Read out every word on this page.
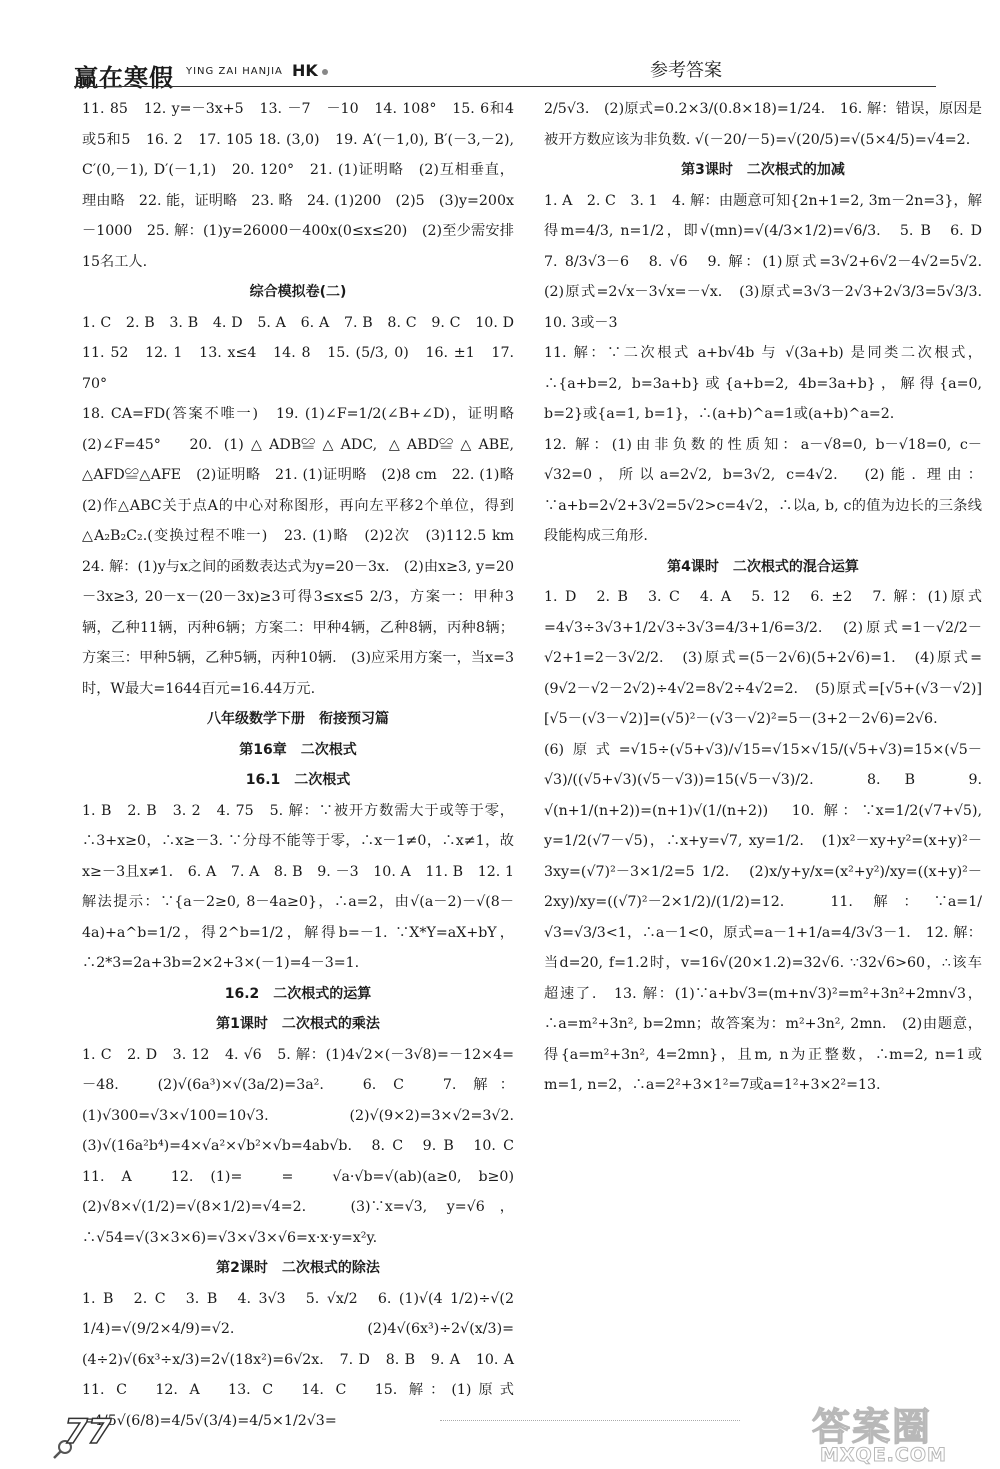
赢在寒假 YING ZAI HANJIA HK	参考答案

11. 85　12. y=－3x+5　13. －7　－10　14. 108°　15. 6和4或5和5　16. 2　17. 105 18. (3,0)　19. A′(－1,0), B′(－3,－2), C′(0,－1), D′(－1,1)　20. 120°　21. (1)证明略　(2)互相垂直，理由略　22. 能，证明略　23. 略　24. (1)200　(2)5　(3)y=200x－1000　25. 解：(1)y=26000－400x(0≤x≤20)　(2)至少需安排15名工人.

综合模拟卷(二)

1. C　2. B　3. B　4. D　5. A　6. A　7. B　8. C　9. C　10. D　11. 52　12. 1　13. x≤4　14. 8　15. (5/3, 0)　16. ±1　17. 70°

18. CA=FD(答案不唯一)　19. (1)∠F=1/2(∠B+∠D)，证明略　(2)∠F=45°　20. (1)△ADB≌△ADC, △ABD≌△ABE, △AFD≌△AFE　(2)证明略　21. (1)证明略　(2)8 cm　22. (1)略　(2)作△ABC关于点A的中心对称图形，再向左平移2个单位，得到△A₂B₂C₂.(变换过程不唯一)　23. (1)略　(2)2次　(3)112.5 km　24. 解：(1)y与x之间的函数表达式为y=20－3x.　(2)由x≥3, y=20－3x≥3, 20－x－(20－3x)≥3可得3≤x≤5 2/3，方案一：甲种3辆，乙种11辆，丙种6辆；方案二：甲种4辆，乙种8辆，丙种8辆；方案三：甲种5辆，乙种5辆，丙种10辆.　(3)应采用方案一，当x=3时，W最大=1644百元=16.44万元.

八年级数学下册　衔接预习篇
第16章　二次根式
16.1　二次根式

1. B　2. B　3. 2　4. 75　5. 解：∵被开方数需大于或等于零，∴3+x≥0，∴x≥－3. ∵分母不能等于零，∴x－1≠0，∴x≠1，故x≥－3且x≠1.　6. A　7. A　8. B　9. －3　10. A　11. B　12. 1　解法提示：∵{a－2≥0, 8－4a≥0}，∴a=2，由√(a－2)－√(8－4a)+a^b=1/2，得2^b=1/2，解得b=－1. ∵X*Y=aX+bY，∴2*3=2a+3b=2×2+3×(－1)=4－3=1.

16.2　二次根式的运算
第1课时　二次根式的乘法

1. C　2. D　3. 12　4. √6　5. 解：(1)4√2×(－3√8)=－12×4=－48.　(2)√(6a³)×√(3a/2)=3a².　6. C　7. 解：(1)√300=√3×√100=10√3.　(2)√(9×2)=3×√2=3√2.　(3)√(16a²b⁴)=4×√a²×√b²×√b=4ab√b.　8. C　9. B　10. C　11. A　12. (1)=　=　√a·√b=√(ab)(a≥0, b≥0)　(2)√8×√(1/2)=√(8×1/2)=√4=2.　(3)∵x=√3, y=√6，∴√54=√(3×3×6)=√3×√3×√6=x·x·y=x²y.

第2课时　二次根式的除法

1. B　2. C　3. B　4. 3√3　5. √x/2　6. (1)√(4 1/2)÷√(2 1/4)=√(9/2×4/9)=√2.　(2)4√(6x³)÷2√(x/3)=(4÷2)√(6x³÷x/3)=2√(18x²)=6√2x.　7. D　8. B　9. A　10. A　11. C　12. A　13. C　14. C　15. 解：(1)原式=4/5√(6/8)=4/5√(3/4)=4/5×1/2√3=

2/5√3.　(2)原式=0.2×3/(0.8×18)=1/24.　16. 解：错误，原因是被开方数应该为非负数. √(－20/－5)=√(20/5)=√(5×4/5)=√4=2.

第3课时　二次根式的加减

1. A　2. C　3. 1　4. 解：由题意可知{2n+1=2, 3m－2n=3}，解得m=4/3, n=1/2，即√(mn)=√(4/3×1/2)=√6/3.　5. B　6. D　7. 8/3√3－6　8. √6　9. 解：(1)原式=3√2+6√2－4√2=5√2.　(2)原式=2√x－3√x=－√x.　(3)原式=3√3－2√3+2√3/3=5√3/3.　10. 3或－3

11. 解：∵二次根式 a+b√4b 与 √(3a+b) 是同类二次根式，∴{a+b=2, b=3a+b}或{a+b=2, 4b=3a+b}，解得{a=0, b=2}或{a=1, b=1}，∴(a+b)^a=1或(a+b)^a=2.

12. 解：(1)由非负数的性质知：a－√8=0, b－√18=0, c－√32=0，所以a=2√2, b=3√2, c=4√2.　(2)能. 理由：∵a+b=2√2+3√2=5√2>c=4√2，∴以a, b, c的值为边长的三条线段能构成三角形.

第4课时　二次根式的混合运算

1. D　2. B　3. C　4. A　5. 12　6. ±2　7. 解：(1)原式=4√3÷3√3+1/2√3÷3√3=4/3+1/6=3/2.　(2)原式=1－√2/2－√2+1=2－3√2/2.　(3)原式=(5－2√6)(5+2√6)=1.　(4)原式=(9√2－√2－2√2)÷4√2=8√2÷4√2=2.　(5)原式=[√5+(√3－√2)][√5－(√3－√2)]=(√5)²－(√3－√2)²=5－(3+2－2√6)=2√6.

(6)原式=√15÷(√5+√3)/√15=√15×√15/(√5+√3)=15×(√5－√3)/((√5+√3)(√5－√3))=15(√5－√3)/2.　8. B　9. √(n+1/(n+2))=(n+1)√(1/(n+2))　10. 解：∵x=1/2(√7+√5), y=1/2(√7－√5)，∴x+y=√7, xy=1/2.　(1)x²－xy+y²=(x+y)²－3xy=(√7)²－3×1/2=5 1/2.　(2)x/y+y/x=(x²+y²)/xy=((x+y)²－2xy)/xy=((√7)²－2×1/2)/(1/2)=12.　11. 解：∵a=1/√3=√3/3<1，∴a－1<0，原式=a－1+1/a=4/3√3－1.　12. 解：当d=20, f=1.2时，v=16√(20×1.2)=32√6. ∵32√6>60，∴该车超速了.　13. 解：(1)∵a+b√3=(m+n√3)²=m²+3n²+2mn√3，∴a=m²+3n², b=2mn；故答案为：m²+3n², 2mn.　(2)由题意，得{a=m²+3n², 4=2mn}，且m, n为正整数，∴m=2, n=1或m=1, n=2，∴a=2²+3×1²=7或a=1²+3×2²=13.

77	答案圈
MXQE.COM
